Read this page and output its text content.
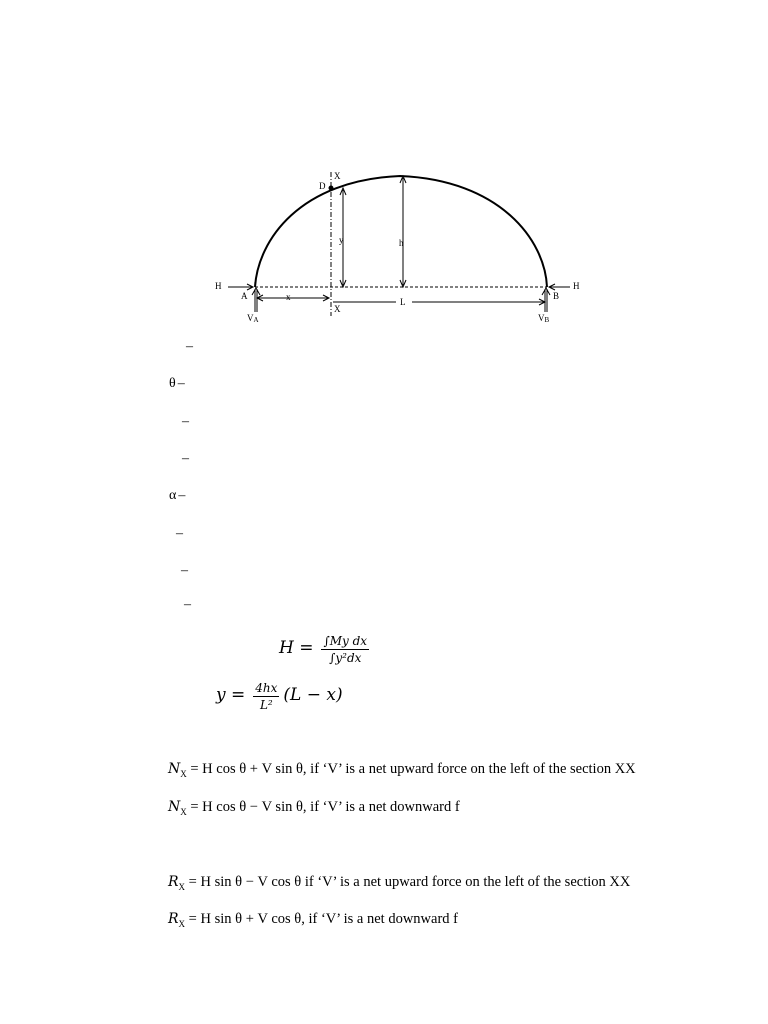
X
D
y	h
H	H
A	B
x	L
X
VA	VB
–
θ –
–
–
α –
–
–
–
$H = \frac{\text{∫My dx}}{\text{∫y²dx}}$
$y = \frac{4hx}{\text{L²}} (L - x)$
$N_X = H$ cos θ + V sin θ, if ‘V’ is a net upward force on the left of the section XX
$N_X = H$ cos θ − V sin θ, if ‘V’ is a net downward f
$R_X = H$ sin θ − V cos θ if ‘V’ is a net upward force on the left of the section XX
$R_X = H$ sin θ + V cos θ, if ‘V’ is a net downward f
